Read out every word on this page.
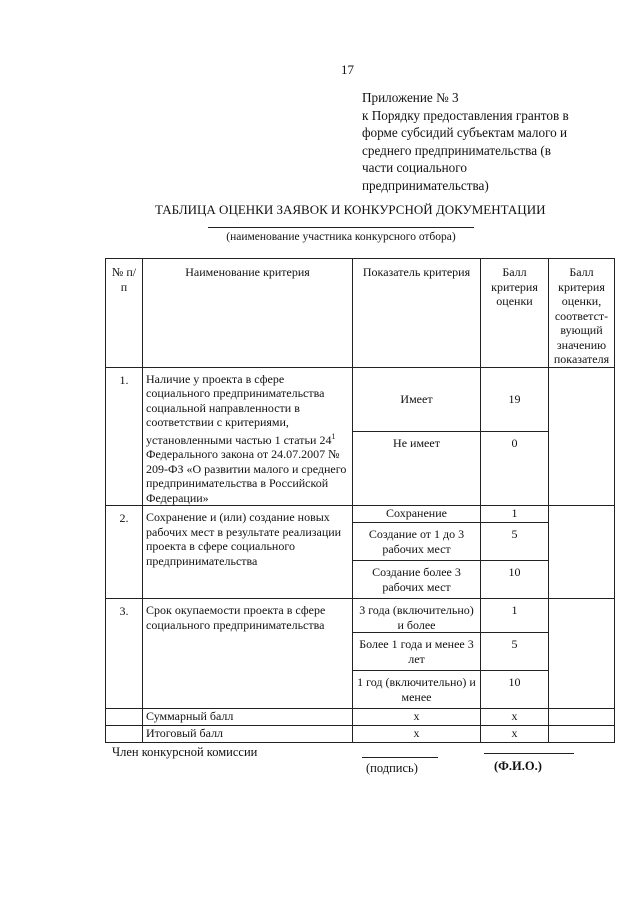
17
Приложение № 3
к Порядку предоставления грантов в
форме субсидий субъектам малого и
среднего предпринимательства (в
части социального
предпринимательства)
ТАБЛИЦА ОЦЕНКИ ЗАЯВОК И КОНКУРСНОЙ ДОКУМЕНТАЦИИ
(наименование участника конкурсного отбора)
№ п/п	Наименование критерия	Показатель критерия	Балл критерия оценки	Балл критерия оценки, соответст-вующий значению показателя
1.	Наличие у проекта в сфере социального предпринимательства социальной направленности в соответствии с критериями, установленными частью 1 статьи $24^1$ Федерального закона от 24.07.2007 № 209-ФЗ «О развитии малого и среднего предпринимательства в Российской Федерации»	Имеет	19	
		Не имеет	0	
2.	Сохранение и (или) создание новых рабочих мест в результате реализации проекта в сфере социального предпринимательства	Сохранение	1	
		Создание от 1 до 3 рабочих мест	5	
		Создание более 3 рабочих мест	10	
3.	Срок окупаемости проекта в сфере социального предпринимательства	3 года (включительно) и более	1	
		Более 1 года и менее 3 лет	5	
		1 год (включительно) и менее	10	
	Суммарный балл	х	х	
	Итоговый балл	х	х	
Член конкурсной комиссии
(подпись)	(Ф.И.О.)
